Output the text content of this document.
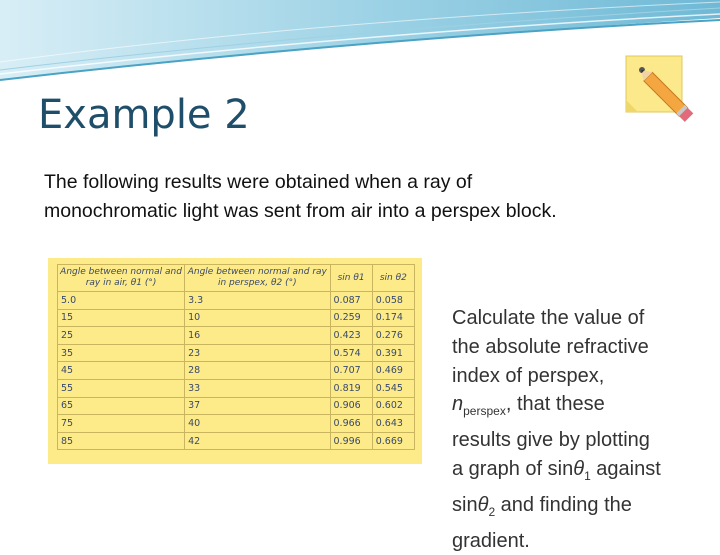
Example 2
The following results were obtained when a ray of
monochromatic light was sent from air into a perspex block.
Angle between normal and ray in air, θ1 (°)	Angle between normal and ray in perspex, θ2 (°)	sin θ1	sin θ2
5.0	3.3	0.087	0.058
15	10	0.259	0.174
25	16	0.423	0.276
35	23	0.574	0.391
45	28	0.707	0.469
55	33	0.819	0.545
65	37	0.906	0.602
75	40	0.966	0.643
85	42	0.996	0.669
Calculate the value of
the absolute refractive
index of perspex,
$n_{perspex}$, that these
results give by plotting
a graph of sinθ$_1$ against
sinθ$_2$ and finding the
gradient.
